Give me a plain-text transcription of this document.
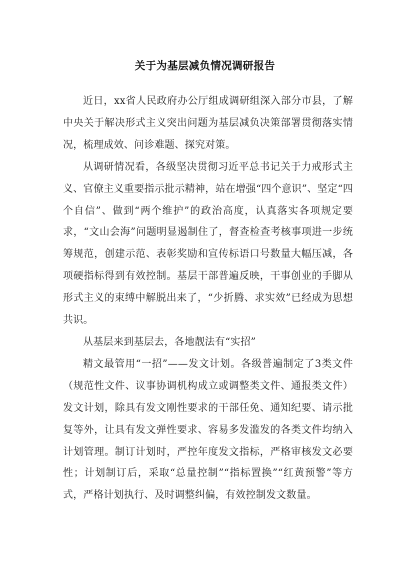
关于为基层减负情况调研报告

近日，xx省人民政府办公厅组成调研组深入部分市县，了解中央关于解决形式主义突出问题为基层减负决策部署贯彻落实情况，梳理成效、问诊难题、探究对策。

从调研情况看，各级坚决贯彻习近平总书记关于力戒形式主义、官僚主义重要指示批示精神，站在增强“四个意识”、坚定“四个自信”、做到“两个维护”的政治高度，认真落实各项规定要求，“文山会海”问题明显遏制住了，督查检查考核事项进一步统筹规范，创建示范、表彰奖励和宣传标语口号数量大幅压减，各项硬指标得到有效控制。基层干部普遍反映，干事创业的手脚从形式主义的束缚中解脱出来了，“少折腾、求实效”已经成为思想共识。

从基层来到基层去，各地靓法有“实招”

精文最管用“一招”——发文计划。各级普遍制定了3类文件（规范性文件、议事协调机构成立或调整类文件、通报类文件）发文计划，除具有发文刚性要求的干部任免、通知纪要、请示批复等外，让具有发文弹性要求、容易多发滥发的各类文件均纳入计划管理。制订计划时，严控年度发文指标，严格审核发文必要性；计划制订后，采取“总量控制”“指标置换”“红黄预警”等方式，严格计划执行、及时调整纠偏，有效控制发文数量。
